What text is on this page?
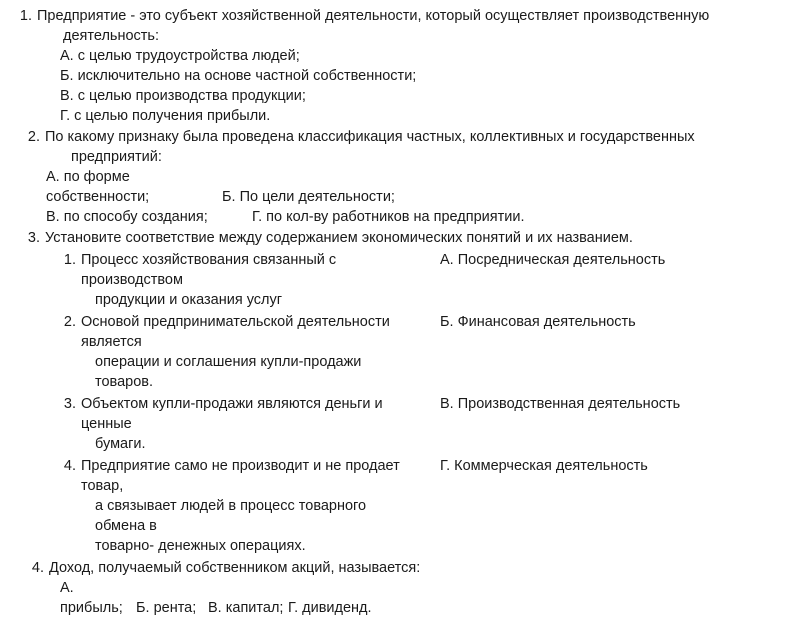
1. Предприятие - это субъект хозяйственной деятельности, который осуществляет производственную
деятельность:
А. с целью трудоустройства людей;
Б. исключительно на основе частной собственности;
В. с целью производства продукции;
Г. с целью получения прибыли.
2. По какому признаку была проведена классификация частных, коллективных и государственных
предприятий:
А. по форме собственности;	Б. По цели деятельности;
В. по способу создания;	Г. по кол-ву работников на предприятии.
3. Установите соответствие между содержанием экономических понятий и их названием.
1. Процесс хозяйствования связанный с производством
продукции и оказания услуг
А. Посредническая деятельность
2. Основой предпринимательской деятельности является
операции и соглашения купли-продажи товаров.
Б. Финансовая деятельность
3. Объектом купли-продажи являются деньги и ценные
бумаги.
В. Производственная деятельность
4. Предприятие само не производит и не продает товар,
а связывает людей в процесс товарного обмена в
товарно- денежных операциях.
Г. Коммерческая деятельность
4. Доход, получаемый собственником акций, называется:
А. прибыль; Б. рента; В. капитал; Г. дивиденд.
